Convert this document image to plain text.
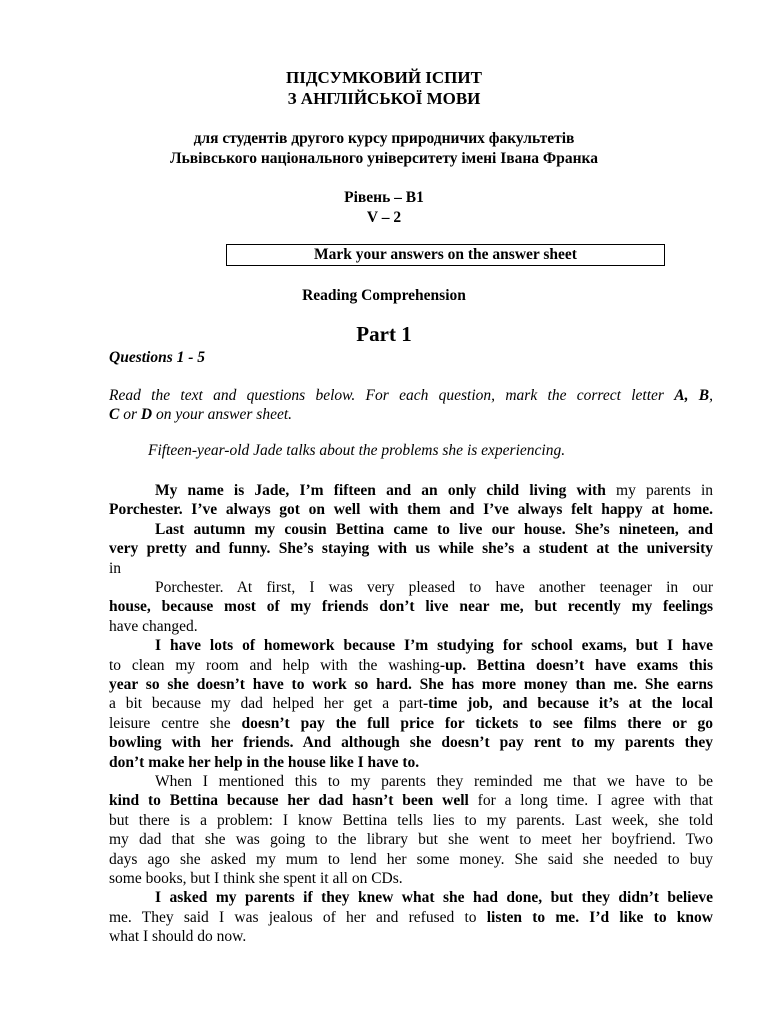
ПІДСУМКОВИЙ ІСПИТ
З АНГЛІЙСЬКОЇ МОВИ
для студентів другого курсу природничих факультетів
Львівського національного університету імені Івана Франка
Рівень – В1
V – 2
Mark your answers on the answer sheet
Reading Comprehension
Part 1
Questions 1 - 5
Read the text and questions below. For each question, mark the correct letter A, B,
C or D on your answer sheet.
Fifteen-year-old Jade talks about the problems she is experiencing.
My name is Jade, I’m fifteen and an only child living with my parents in
Porchester. I’ve always got on well with them and I’ve always felt happy at home.
Last autumn my cousin Bettina came to live our house. She’s nineteen, and
very pretty and funny. She’s staying with us while she’s a student at the university
in
Porchester. At first, I was very pleased to have another teenager in our
house, because most of my friends don’t live near me, but recently my feelings
have changed.
I have lots of homework because I’m studying for school exams, but I have
to clean my room and help with the washing-up. Bettina doesn’t have exams this
year so she doesn’t have to work so hard. She has more money than me. She earns
a bit because my dad helped her get a part-time job, and because it’s at the local
leisure centre she doesn’t pay the full price for tickets to see films there or go
bowling with her friends. And although she doesn’t pay rent to my parents they
don’t make her help in the house like I have to.
When I mentioned this to my parents they reminded me that we have to be
kind to Bettina because her dad hasn’t been well for a long time. I agree with that
but there is a problem: I know Bettina tells lies to my parents. Last week, she told
my dad that she was going to the library but she went to meet her boyfriend. Two
days ago she asked my mum to lend her some money. She said she needed to buy
some books, but I think she spent it all on CDs.
I asked my parents if they knew what she had done, but they didn’t believe
me. They said I was jealous of her and refused to listen to me. I’d like to know
what I should do now.
